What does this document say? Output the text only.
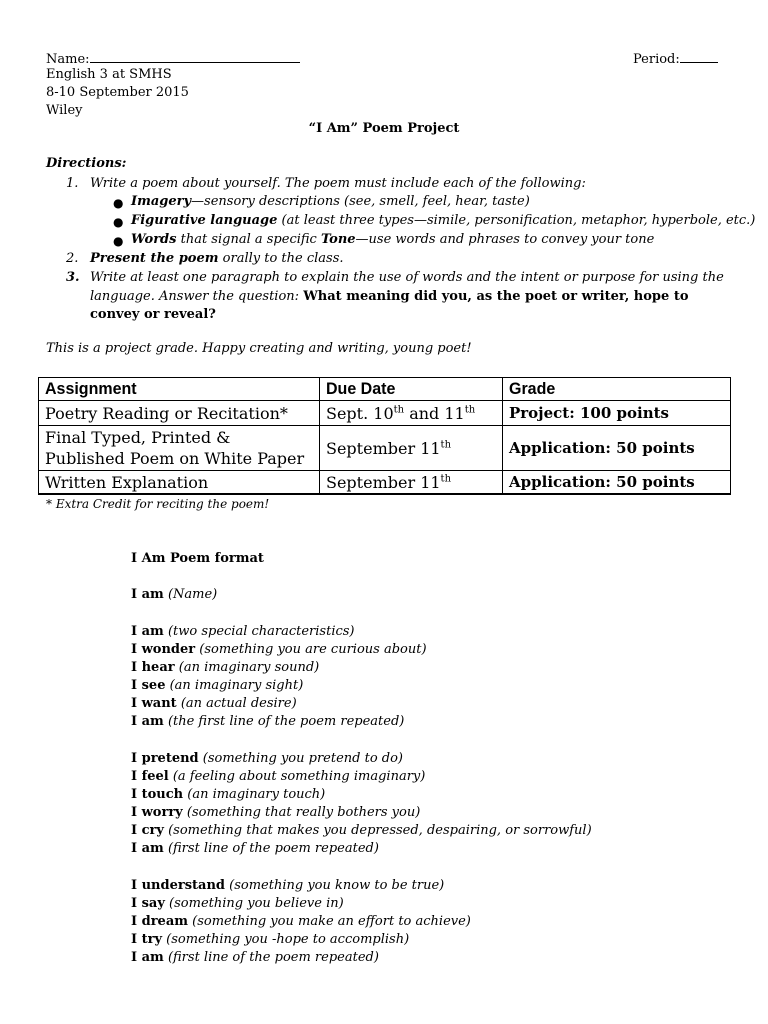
Name:	Period:
English 3 at SMHS
8-10 September 2015
Wiley
“I Am” Poem Project
Directions:
1. Write a poem about yourself. The poem must include each of the following:
● Imagery—sensory descriptions (see, smell, feel, hear, taste)
● Figurative language (at least three types—simile, personification, metaphor, hyperbole, etc.)
● Words that signal a specific Tone—use words and phrases to convey your tone
2. Present the poem orally to the class.
3. Write at least one paragraph to explain the use of words and the intent or purpose for using the language. Answer the question: What meaning did you, as the poet or writer, hope to convey or reveal?
This is a project grade. Happy creating and writing, young poet!
Assignment	Due Date	Grade
Poetry Reading or Recitation*	Sept. 10th and 11th	Project: 100 points

Final Typed, Printed &
Published Poem on White Paper	September 11th	Application: 50 points
Written Explanation	September 11th	Application: 50 points
* Extra Credit for reciting the poem!
I Am Poem format
I am (Name)
I am (two special characteristics)
I wonder (something you are curious about)
I hear (an imaginary sound)
I see (an imaginary sight)
I want (an actual desire)
I am (the first line of the poem repeated)
I pretend (something you pretend to do)
I feel (a feeling about something imaginary)
I touch (an imaginary touch)
I worry (something that really bothers you)
I cry (something that makes you depressed, despairing, or sorrowful)
I am (first line of the poem repeated)
I understand (something you know to be true)
I say (something you believe in)
I dream (something you make an effort to achieve)
I try (something you -hope to accomplish)
I am (first line of the poem repeated)
